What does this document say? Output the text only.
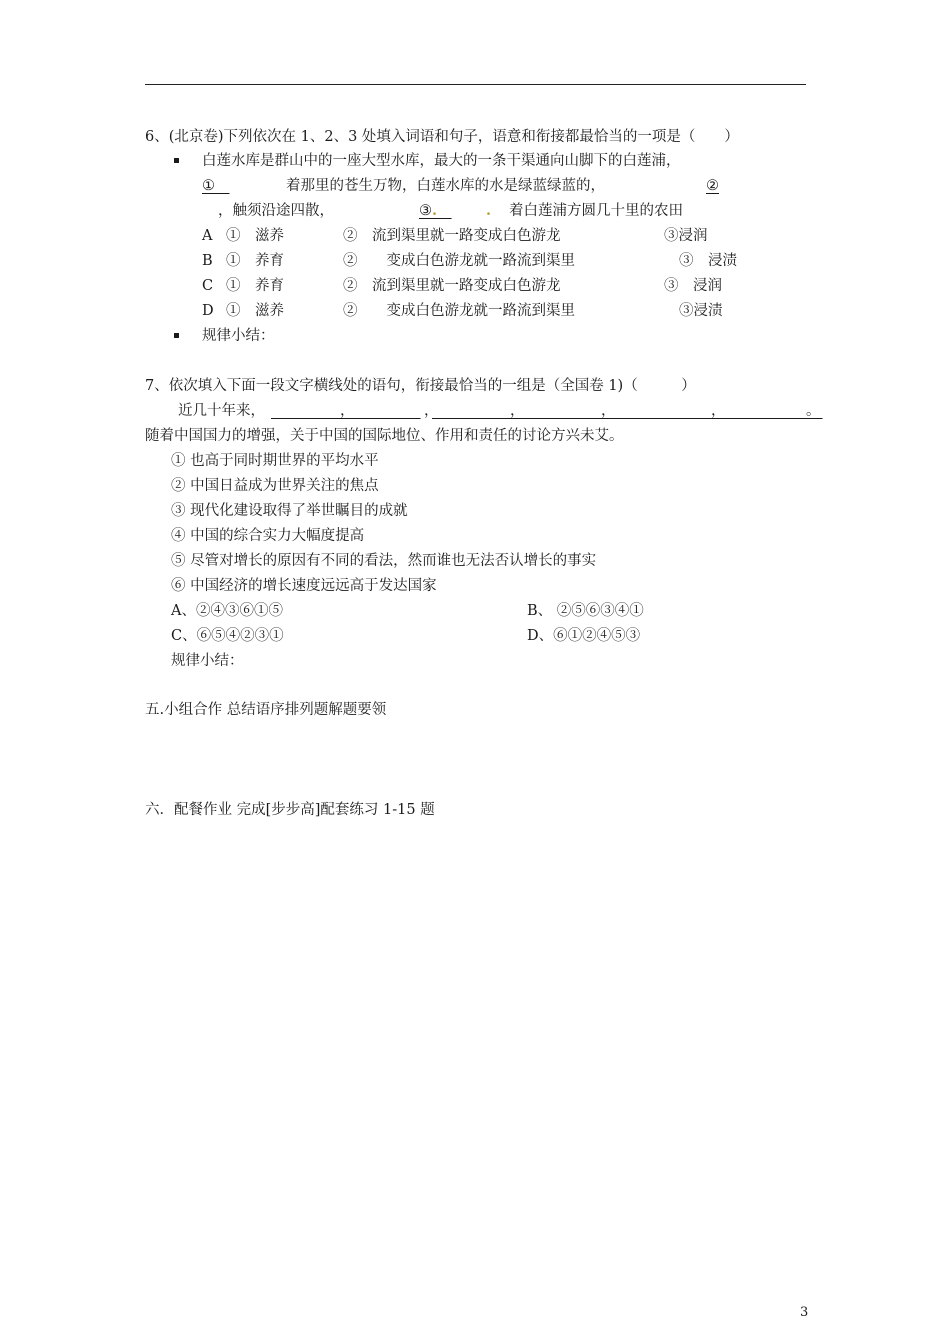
6、(北京卷)下列依次在 1、2、3 处填入词语和句子，语意和衔接都最恰当的一项是（　　）
白莲水库是群山中的一座大型水库，最大的一条干渠通向山脚下的白莲浦，
①　	着那里的苍生万物，白莲水库的水是绿蓝绿蓝的，	②
，触须沿途四散，	③.　	. 着白莲浦方圆几十里的农田
A ①　滋养	②　流到渠里就一路变成白色游龙	③浸润
B ①　养育	②　　变成白色游龙就一路流到渠里	③　浸渍
C ①　养育	②　流到渠里就一路变成白色游龙	③　浸润
D ①　滋养	②　　变成白色游龙就一路流到渠里	③浸渍
规律小结：
7、依次填入下面一段文字横线处的语句，衔接最恰当的一组是（全国卷 1)（　　　）
近几十年来，
　　　　　　	，
　　　　　	，
　　　　　　　　	，
　　　　　　　	，
　　　　　　　　　	，
　　　　　　　	。
随着中国国力的增强，关于中国的国际地位、作用和责任的讨论方兴未艾。
① 也高于同时期世界的平均水平
② 中国日益成为世界关注的焦点
③ 现代化建设取得了举世瞩目的成就
④ 中国的综合实力大幅度提高
⑤ 尽管对增长的原因有不同的看法，然而谁也无法否认增长的事实
⑥ 中国经济的增长速度远远高于发达国家
A、②④③⑥①⑤	B、 ②⑤⑥③④①
C、⑥⑤④②③①	D、⑥①②④⑤③
规律小结：
五.小组合作 总结语序排列题解题要领
六．配餐作业 完成[步步高]配套练习 1-15 题
3
